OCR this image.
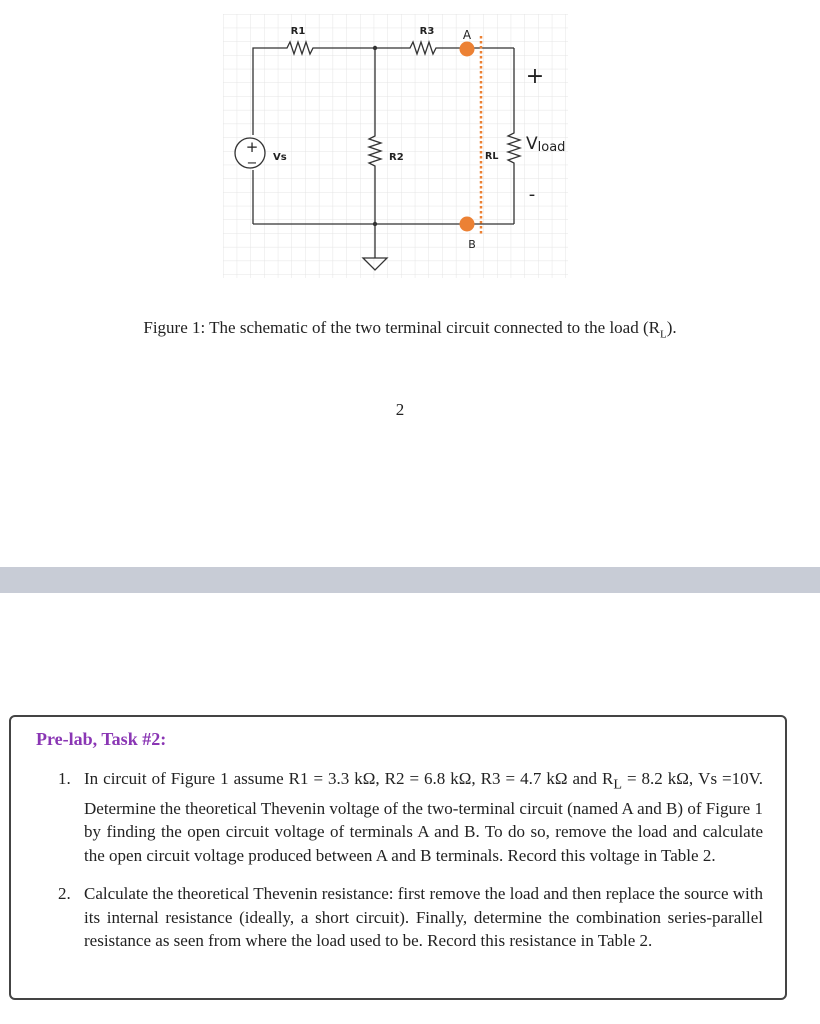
+
−
R1	R3
R2	RL
Vs
A
B
+
-
Vload
Figure 1: The schematic of the two terminal circuit connected to the load $(R_L)$.
2
Pre-lab, Task #2:
1. In circuit of Figure 1 assume R1 = 3.3 kΩ, R2 = 6.8 kΩ, R3 = 4.7 kΩ and $R_L = 8.2$ kΩ, Vs =10V. Determine the theoretical Thevenin voltage of the two-terminal circuit (named A and B) of Figure 1 by finding the open circuit voltage of terminals A and B. To do so, remove the load and calculate the open circuit voltage produced between A and B terminals. Record this voltage in Table 2.
2. Calculate the theoretical Thevenin resistance: first remove the load and then replace the source with its internal resistance (ideally, a short circuit). Finally, determine the combination series-parallel resistance as seen from where the load used to be. Record this resistance in Table 2.
